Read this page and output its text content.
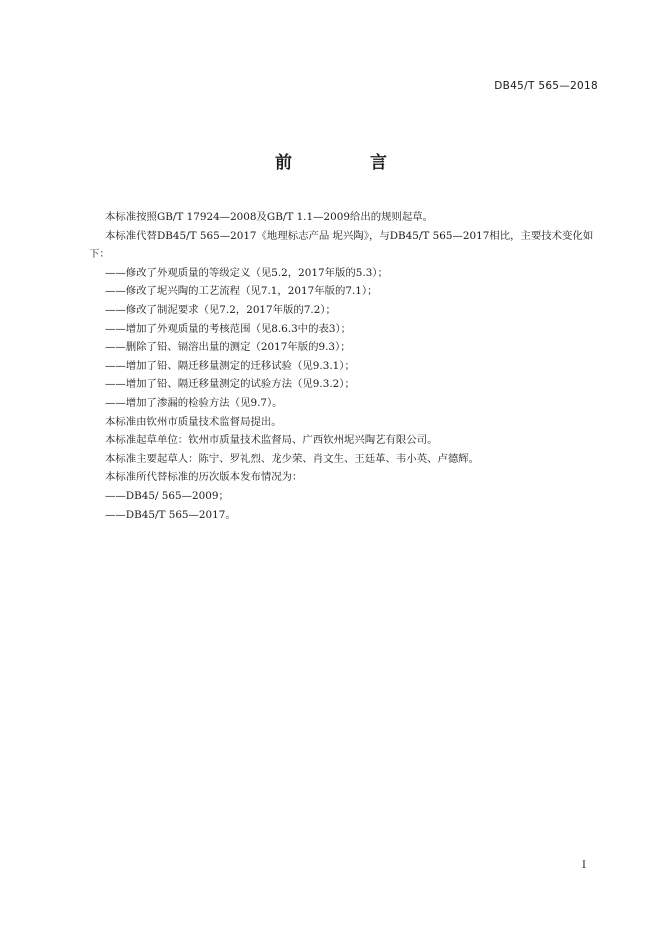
DB45/T 565—2018
前 言

本标准按照GB/T 17924—2008及GB/T 1.1—2009给出的规则起草。

本标准代替DB45/T 565—2017《地理标志产品 坭兴陶》，与DB45/T 565—2017相比，主要技术变化如下：

——修改了外观质量的等级定义（见5.2，2017年版的5.3）；

——修改了坭兴陶的工艺流程（见7.1，2017年版的7.1）；

——修改了制泥要求（见7.2，2017年版的7.2）；

——增加了外观质量的考核范围（见8.6.3中的表3）；

——删除了铅、镉溶出量的测定（2017年版的9.3）；

——增加了铅、隔迁移量测定的迁移试验（见9.3.1）；

——增加了铅、隔迁移量测定的试验方法（见9.3.2）；

——增加了渗漏的检验方法（见9.7）。

本标准由钦州市质量技术监督局提出。

本标准起草单位：钦州市质量技术监督局、广西钦州坭兴陶艺有限公司。

本标准主要起草人：陈宁、罗礼烈、龙少荣、肖文生、王廷革、韦小英、卢德辉。

本标准所代替标准的历次版本发布情况为：

——DB45/ 565—2009；

——DB45/T 565—2017。

I
